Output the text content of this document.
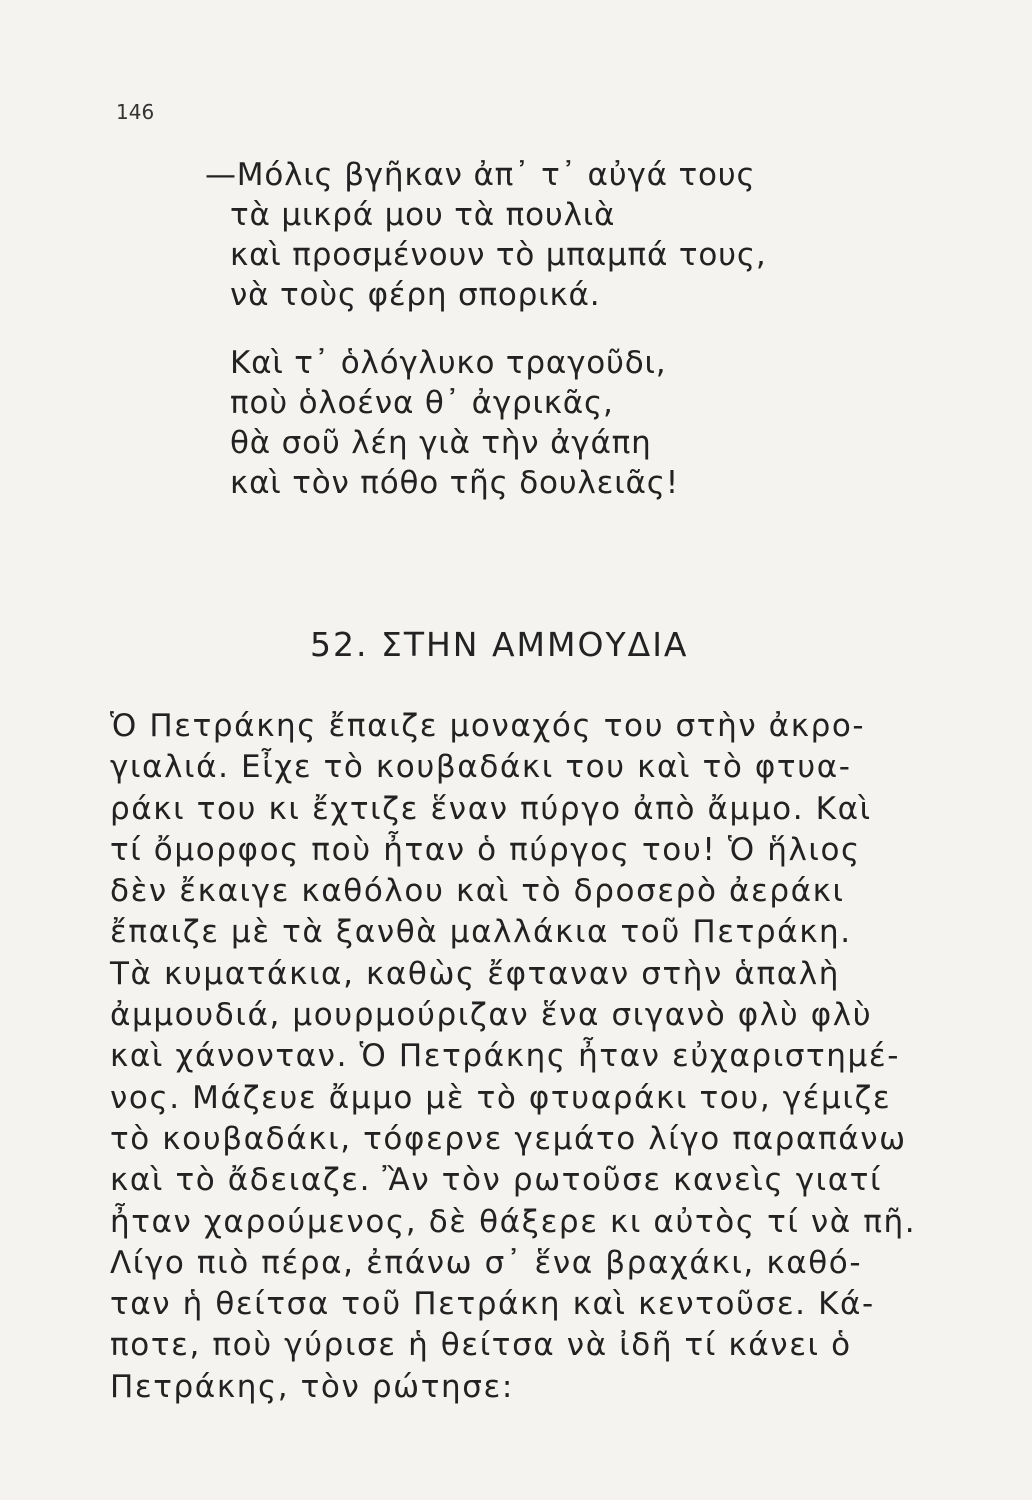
146
—Μόλις βγῆκαν ἀπ᾿ τ᾿ αὐγά τους
τὰ μικρά μου τὰ πουλιὰ
καὶ προσμένουν τὸ μπαμπά τους,
νὰ τοὺς φέρη σπορικά.
Καὶ τ᾿ ὁλόγλυκο τραγοῦδι,
ποὺ ὁλοένα θ᾿ ἀγρικᾶς,
θὰ σοῦ λέη γιὰ τὴν ἀγάπη
καὶ τὸν πόθο τῆς δουλειᾶς!
52. ΣΤΗΝ ΑΜΜΟΥΔΙΑ
Ὁ Πετράκης ἔπαιζε μοναχός του στὴν ἀκρο-
γιαλιά. Εἶχε τὸ κουβαδάκι του καὶ τὸ φτυα-
ράκι του κι ἔχτιζε ἕναν πύργο ἀπὸ ἄμμο. Καὶ
τί ὄμορφος ποὺ ἦταν ὁ πύργος του! Ὁ ἥλιος
δὲν ἔκαιγε καθόλου καὶ τὸ δροσερὸ ἀεράκι
ἔπαιζε μὲ τὰ ξανθὰ μαλλάκια τοῦ Πετράκη.
Τὰ κυματάκια, καθὼς ἔφταναν στὴν ἁπαλὴ
ἀμμουδιά, μουρμούριζαν ἕνα σιγανὸ φλὺ φλὺ
καὶ χάνονταν. Ὁ Πετράκης ἦταν εὐχαριστημέ-
νος. Μάζευε ἄμμο μὲ τὸ φτυαράκι του, γέμιζε
τὸ κουβαδάκι, τόφερνε γεμάτο λίγο παραπάνω
καὶ τὸ ἄδειαζε. Ἂν τὸν ρωτοῦσε κανεὶς γιατί
ἦταν χαρούμενος, δὲ θάξερε κι αὐτὸς τί νὰ πῆ.
Λίγο πιὸ πέρα, ἐπάνω σ᾿ ἕνα βραχάκι, καθό-
ταν ἡ θείτσα τοῦ Πετράκη καὶ κεντοῦσε. Κά-
ποτε, ποὺ γύρισε ἡ θείτσα νὰ ἰδῆ τί κάνει ὁ
Πετράκης, τὸν ρώτησε:
